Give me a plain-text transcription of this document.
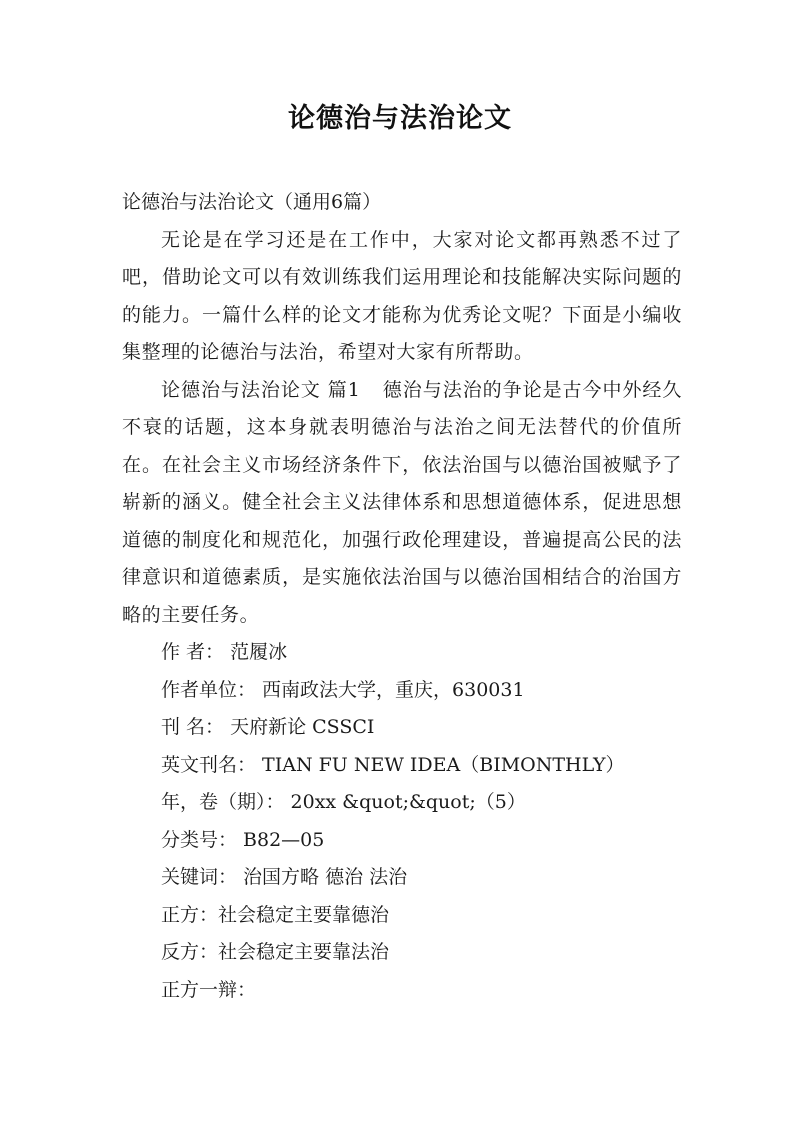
论德治与法治论文

论德治与法治论文（通用6篇）

无论是在学习还是在工作中，大家对论文都再熟悉不过了吧，借助论文可以有效训练我们运用理论和技能解决实际问题的的能力。一篇什么样的论文才能称为优秀论文呢？下面是小编收集整理的论德治与法治，希望对大家有所帮助。

论德治与法治论文 篇1 德治与法治的争论是古今中外经久不衰的话题，这本身就表明德治与法治之间无法替代的价值所在。在社会主义市场经济条件下，依法治国与以德治国被赋予了崭新的涵义。健全社会主义法律体系和思想道德体系，促进思想道德的制度化和规范化，加强行政伦理建设，普遍提高公民的法律意识和道德素质，是实施依法治国与以德治国相结合的治国方略的主要任务。

作 者： 范履冰

作者单位： 西南政法大学，重庆，630031

刊 名： 天府新论 CSSCI

英文刊名： TIAN FU NEW IDEA（BIMONTHLY）

年，卷（期）： 20xx &quot;&quot;（5）

分类号： B82—05

关键词： 治国方略 德治 法治

正方：社会稳定主要靠德治

反方：社会稳定主要靠法治

正方一辩：
